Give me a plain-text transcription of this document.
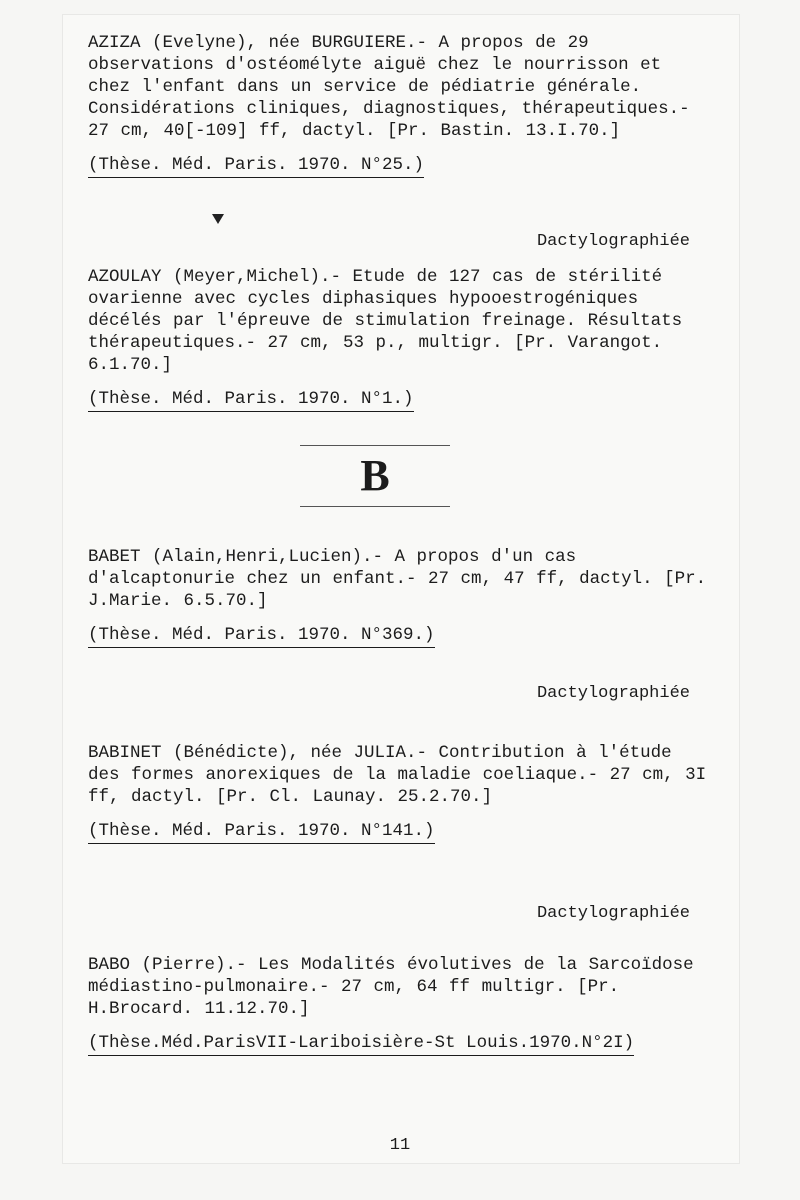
AZIZA (Evelyne), née BURGUIERE.- A propos de 29 observations d'ostéomélyte aiguë chez le nourrisson et chez l'enfant dans un service de pédiatrie générale. Considérations cliniques, diagnostiques, thérapeutiques.- 27 cm, 40[-109] ff, dactyl. [Pr. Bastin. 13.I.70.]

(Thèse. Méd. Paris. 1970. N°25.)
Dactylographiée

AZOULAY (Meyer,Michel).- Etude de 127 cas de stérilité ovarienne avec cycles diphasiques hypooestrogéniques décélés par l'épreuve de stimulation freinage. Résultats thérapeutiques.- 27 cm, 53 p., multigr. [Pr. Varangot. 6.1.70.]

(Thèse. Méd. Paris. 1970. N°1.)
B

BABET (Alain,Henri,Lucien).- A propos d'un cas d'alcaptonurie chez un enfant.- 27 cm, 47 ff, dactyl. [Pr. J.Marie. 6.5.70.]

(Thèse. Méd. Paris. 1970. N°369.)
Dactylographiée

BABINET (Bénédicte), née JULIA.- Contribution à l'étude des formes anorexiques de la maladie coeliaque.- 27 cm, 3I ff, dactyl. [Pr. Cl. Launay. 25.2.70.]

(Thèse. Méd. Paris. 1970. N°141.)
Dactylographiée

BABO (Pierre).- Les Modalités évolutives de la Sarcoïdose médiastino-pulmonaire.- 27 cm, 64 ff multigr. [Pr. H.Brocard. 11.12.70.]

(Thèse.Méd.ParisVII-Lariboisière-St Louis.1970.N°2I)
11
